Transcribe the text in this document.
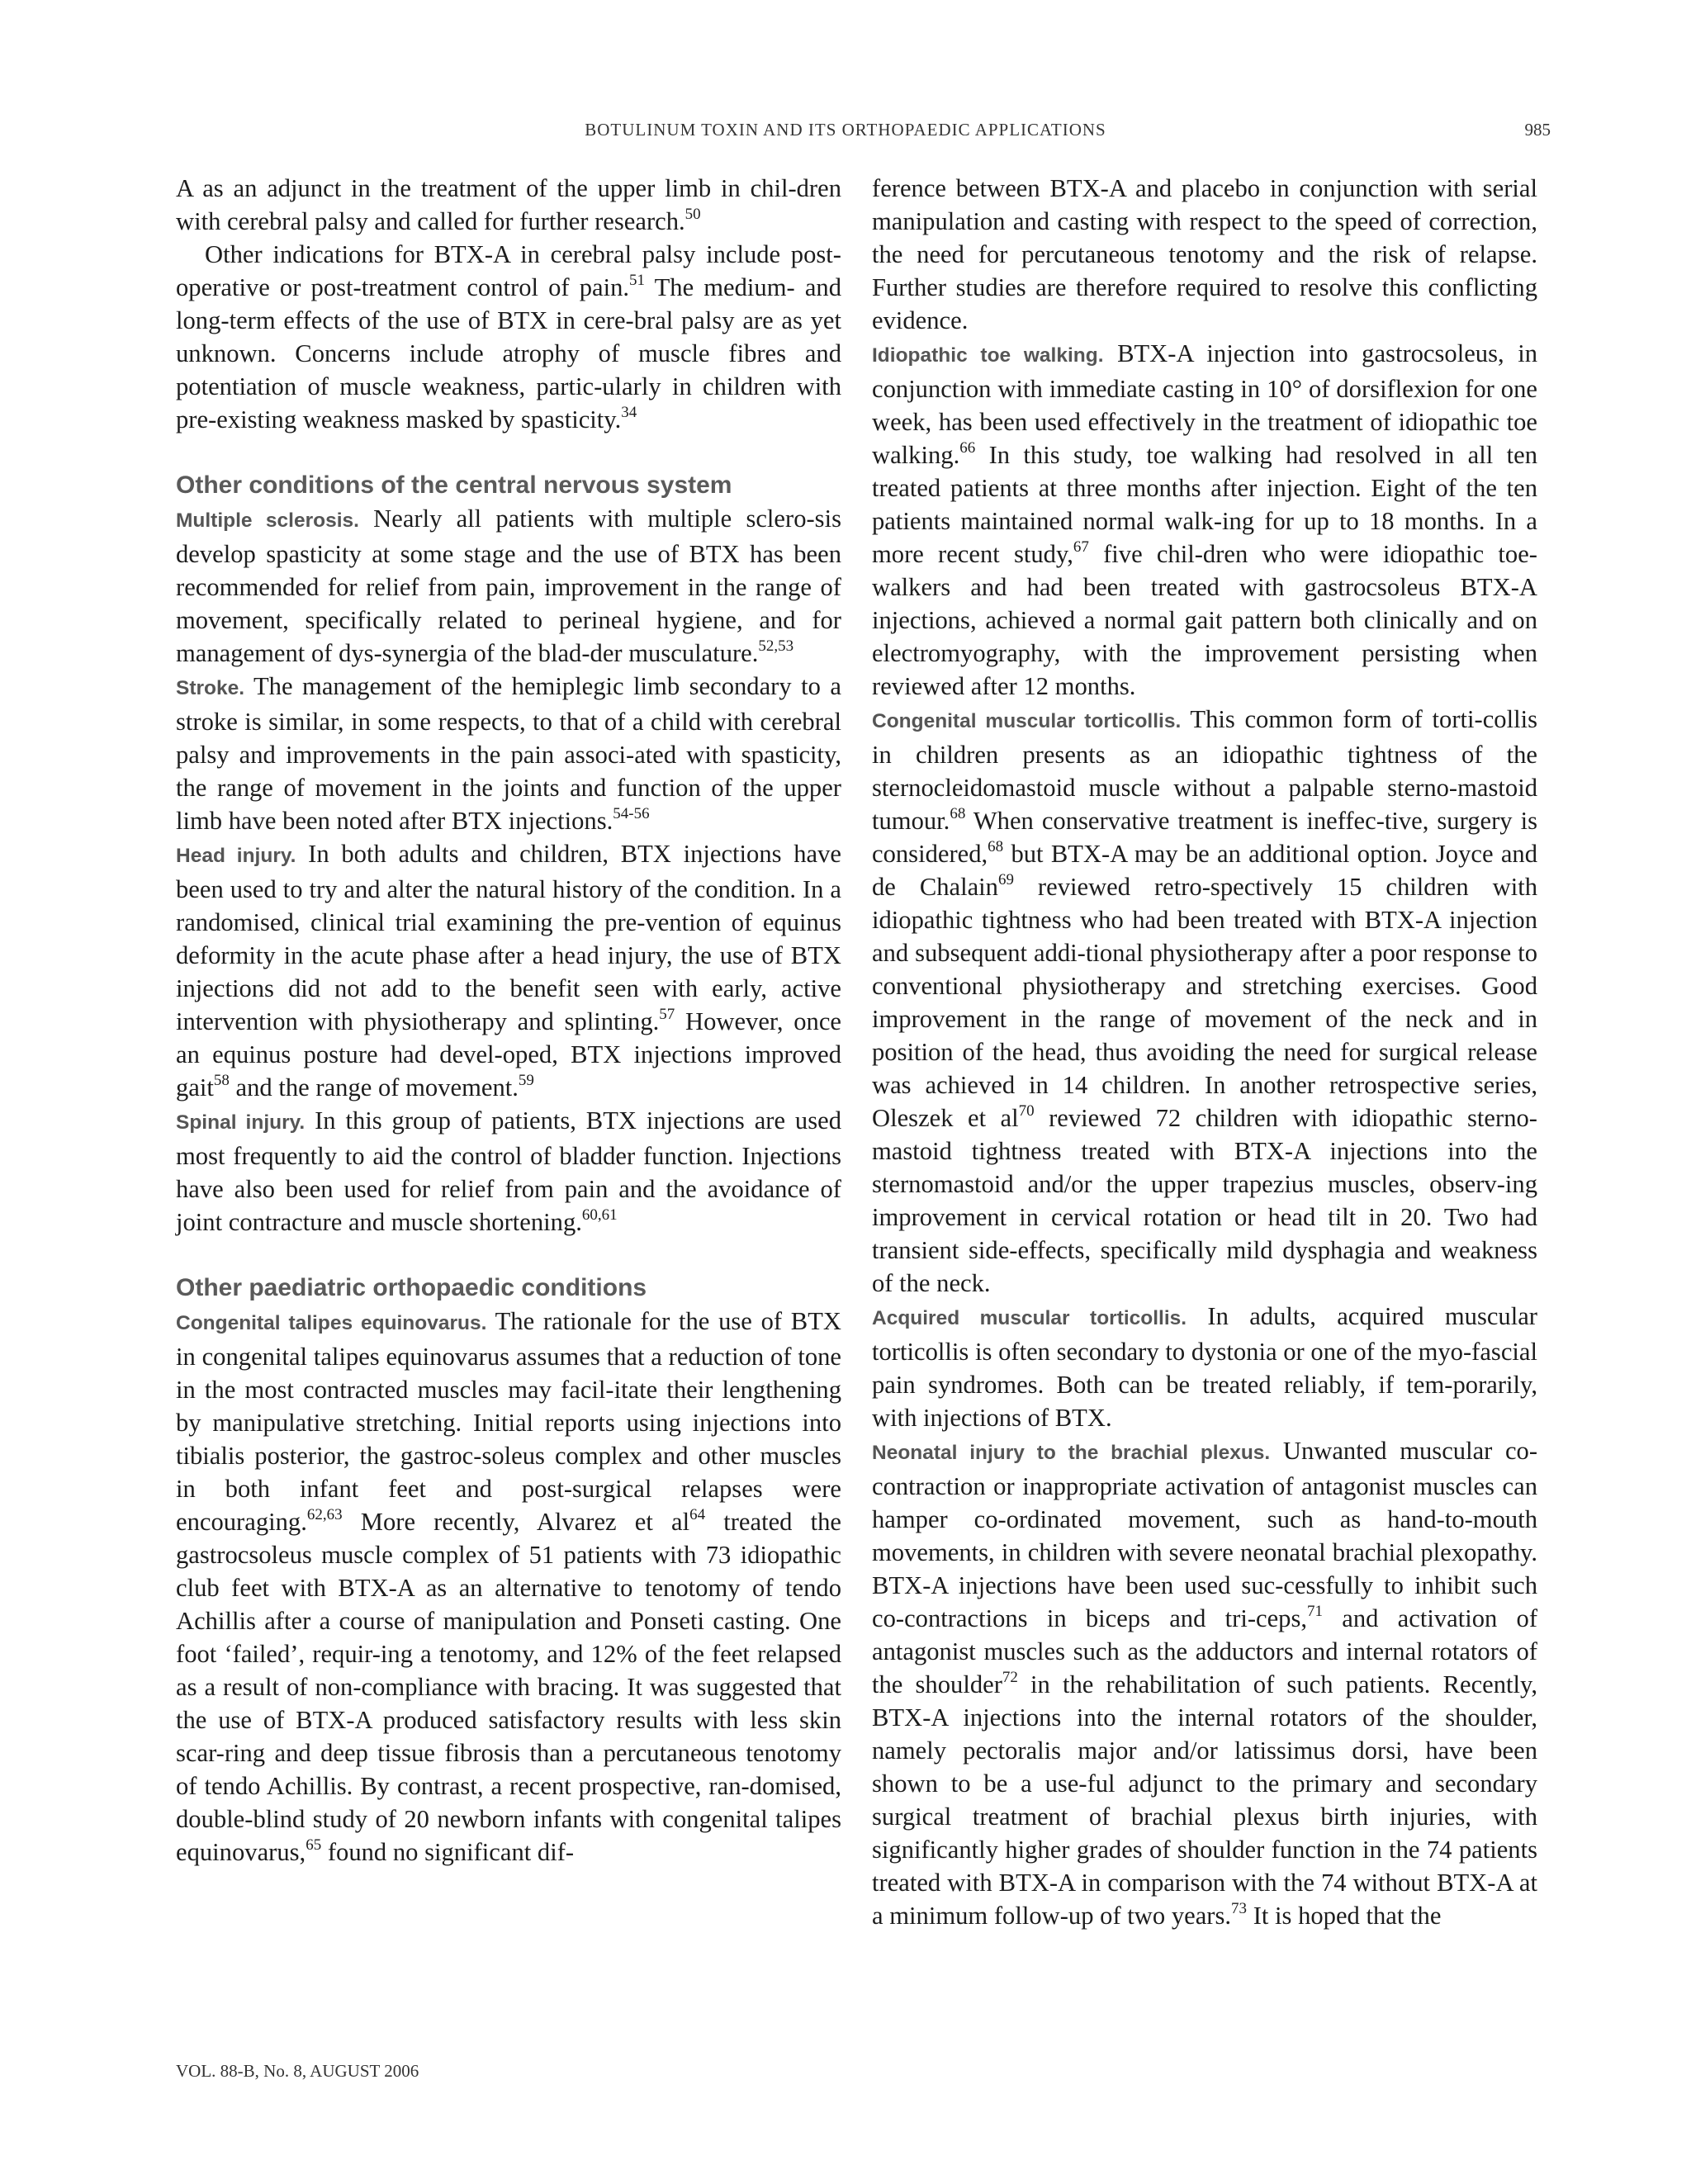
BOTULINUM TOXIN AND ITS ORTHOPAEDIC APPLICATIONS	985

A as an adjunct in the treatment of the upper limb in chil-dren with cerebral palsy and called for further research.$^{50}$

Other indications for BTX-A in cerebral palsy include post-operative or post-treatment control of pain.$^{51}$ The medium- and long-term effects of the use of BTX in cere-bral palsy are as yet unknown. Concerns include atrophy of muscle fibres and potentiation of muscle weakness, partic-ularly in children with pre-existing weakness masked by spasticity.$^{34}$

Other conditions of the central nervous system

Multiple sclerosis. Nearly all patients with multiple sclero-sis develop spasticity at some stage and the use of BTX has been recommended for relief from pain, improvement in the range of movement, specifically related to perineal hygiene, and for management of dys-synergia of the blad-der musculature.$^{52,53}$

Stroke. The management of the hemiplegic limb secondary to a stroke is similar, in some respects, to that of a child with cerebral palsy and improvements in the pain associ-ated with spasticity, the range of movement in the joints and function of the upper limb have been noted after BTX injections.$^{54-56}$

Head injury. In both adults and children, BTX injections have been used to try and alter the natural history of the condition. In a randomised, clinical trial examining the pre-vention of equinus deformity in the acute phase after a head injury, the use of BTX injections did not add to the benefit seen with early, active intervention with physiotherapy and splinting.$^{57}$ However, once an equinus posture had devel-oped, BTX injections improved gait$^{58}$ and the range of movement.$^{59}$

Spinal injury. In this group of patients, BTX injections are used most frequently to aid the control of bladder function. Injections have also been used for relief from pain and the avoidance of joint contracture and muscle shortening.$^{60,61}$

Other paediatric orthopaedic conditions

Congenital talipes equinovarus. The rationale for the use of BTX in congenital talipes equinovarus assumes that a reduction of tone in the most contracted muscles may facil-itate their lengthening by manipulative stretching. Initial reports using injections into tibialis posterior, the gastroc-soleus complex and other muscles in both infant feet and post-surgical relapses were encouraging.$^{62,63}$ More recently, Alvarez et $al^{64}$ treated the gastrocsoleus muscle complex of 51 patients with 73 idiopathic club feet with BTX-A as an alternative to tenotomy of tendo Achillis after a course of manipulation and Ponseti casting. One foot ‘failed’, requir-ing a tenotomy, and 12% of the feet relapsed as a result of non-compliance with bracing. It was suggested that the use of BTX-A produced satisfactory results with less skin scar-ring and deep tissue fibrosis than a percutaneous tenotomy of tendo Achillis. By contrast, a recent prospective, ran-domised, double-blind study of 20 newborn infants with congenital talipes equinovarus,$^{65}$ found no significant dif-

ference between BTX-A and placebo in conjunction with serial manipulation and casting with respect to the speed of correction, the need for percutaneous tenotomy and the risk of relapse. Further studies are therefore required to resolve this conflicting evidence.

Idiopathic toe walking. BTX-A injection into gastrocsoleus, in conjunction with immediate casting in 10° of dorsiflexion for one week, has been used effectively in the treatment of idiopathic toe walking.$^{66}$ In this study, toe walking had resolved in all ten treated patients at three months after injection. Eight of the ten patients maintained normal walk-ing for up to 18 months. In a more recent study,$^{67}$ five chil-dren who were idiopathic toe-walkers and had been treated with gastrocsoleus BTX-A injections, achieved a normal gait pattern both clinically and on electromyography, with the improvement persisting when reviewed after 12 months.

Congenital muscular torticollis. This common form of torti-collis in children presents as an idiopathic tightness of the sternocleidomastoid muscle without a palpable sterno-mastoid tumour.$^{68}$ When conservative treatment is ineffec-tive, surgery is considered,$^{68}$ but BTX-A may be an additional option. Joyce and de Chalain$^{69}$ reviewed retro-spectively 15 children with idiopathic tightness who had been treated with BTX-A injection and subsequent addi-tional physiotherapy after a poor response to conventional physiotherapy and stretching exercises. Good improvement in the range of movement of the neck and in position of the head, thus avoiding the need for surgical release was achieved in 14 children. In another retrospective series, Oleszek et $al^{70}$ reviewed 72 children with idiopathic sterno-mastoid tightness treated with BTX-A injections into the sternomastoid and/or the upper trapezius muscles, observ-ing improvement in cervical rotation or head tilt in 20. Two had transient side-effects, specifically mild dysphagia and weakness of the neck.

Acquired muscular torticollis. In adults, acquired muscular torticollis is often secondary to dystonia or one of the myo-fascial pain syndromes. Both can be treated reliably, if tem-porarily, with injections of BTX.

Neonatal injury to the brachial plexus. Unwanted muscular co-contraction or inappropriate activation of antagonist muscles can hamper co-ordinated movement, such as hand-to-mouth movements, in children with severe neonatal brachial plexopathy. BTX-A injections have been used suc-cessfully to inhibit such co-contractions in biceps and tri-ceps,$^{71}$ and activation of antagonist muscles such as the adductors and internal rotators of the shoulder$^{72}$ in the rehabilitation of such patients. Recently, BTX-A injections into the internal rotators of the shoulder, namely pectoralis major and/or latissimus dorsi, have been shown to be a use-ful adjunct to the primary and secondary surgical treatment of brachial plexus birth injuries, with significantly higher grades of shoulder function in the 74 patients treated with BTX-A in comparison with the 74 without BTX-A at a minimum follow-up of two years.$^{73}$ It is hoped that the

VOL. 88-B, No. 8, AUGUST 2006
